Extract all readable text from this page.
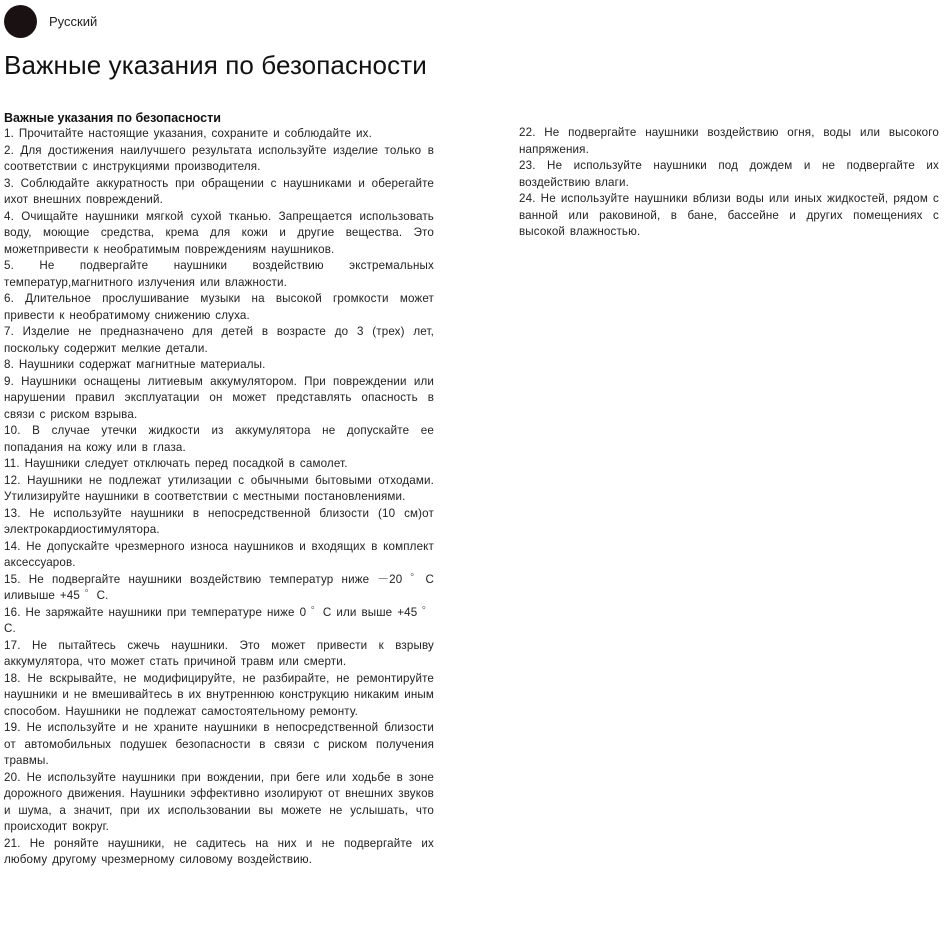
Русский
Важные указания по безопасности
Важные указания по безопасности
1. Прочитайте настоящие указания, сохраните и соблюдайте их.
2. Для достижения наилучшего результата используйте изделие только в соответствии с инструкциями производителя.
3. Соблюдайте аккуратность при обращении с наушниками и оберегайте ихот внешних повреждений.
4. Очищайте наушники мягкой сухой тканью. Запрещается использовать воду, моющие средства, крема для кожи и другие вещества. Это можетпривести к необратимым повреждениям наушников.
5. Не подвергайте наушники воздействию экстремальных температур,магнитного излучения или влажности.
6. Длительное прослушивание музыки на высокой громкости может привести к необратимому снижению слуха.
7. Изделие не предназначено для детей в возрасте до 3 (трех) лет, поскольку содержит мелкие детали.
8. Наушники содержат магнитные материалы.
9. Наушники оснащены литиевым аккумулятором. При повреждении или нарушении правил эксплуатации он может представлять опасность в связи с риском взрыва.
10. В случае утечки жидкости из аккумулятора не допускайте ее попадания на кожу или в глаза.
11. Наушники следует отключать перед посадкой в самолет.
12. Наушники не подлежат утилизации с обычными бытовыми отходами. Утилизируйте наушники в соответствии с местными постановлениями.
13. Не используйте наушники в непосредственной близости (10 см)от электрокардиостимулятора.
14. Не допускайте чрезмерного износа наушников и входящих в комплект аксессуаров.
15. Не подвергайте наушники воздействию температур ниже －20 ゜C иливыше +45 ゜C.
16. Не заряжайте наушники при температуре ниже 0 ゜C или выше +45 ゜C.
17. Не пытайтесь сжечь наушники. Это может привести к взрыву аккумулятора, что может стать причиной травм или смерти.
18. Не вскрывайте, не модифицируйте, не разбирайте, не ремонтируйте наушники и не вмешивайтесь в их внутреннюю конструкцию никаким иным способом. Наушники не подлежат самостоятельному ремонту.
19. Не используйте и не храните наушники в непосредственной близости от автомобильных подушек безопасности в связи с риском получения травмы.
20. Не используйте наушники при вождении, при беге или ходьбе в зоне дорожного движения. Наушники эффективно изолируют от внешних звуков и шума, а значит, при их использовании вы можете не услышать, что происходит вокруг.
21. Не роняйте наушники, не садитесь на них и не подвергайте их любому другому чрезмерному силовому воздействию.
22. Не подвергайте наушники воздействию огня, воды или высокого напряжения.
23. Не используйте наушники под дождем и не подвергайте их воздействию влаги.
24. Не используйте наушники вблизи воды или иных жидкостей, рядом с ванной или раковиной, в бане, бассейне и других помещениях с высокой влажностью.
